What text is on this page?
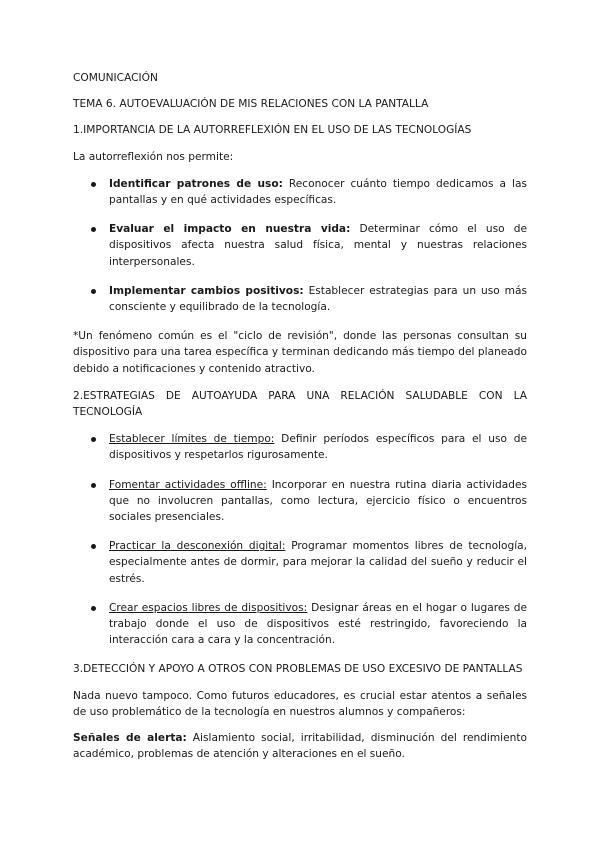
COMUNICACIÓN

TEMA 6. AUTOEVALUACIÓN DE MIS RELACIONES CON LA PANTALLA

1.IMPORTANCIA DE LA AUTORREFLEXIÓN EN EL USO DE LAS TECNOLOGÍAS

La autorreflexión nos permite:

Identificar patrones de uso: Reconocer cuánto tiempo dedicamos a las pantallas y en qué actividades específicas.
Evaluar el impacto en nuestra vida: Determinar cómo el uso de dispositivos afecta nuestra salud física, mental y nuestras relaciones interpersonales.
Implementar cambios positivos: Establecer estrategias para un uso más consciente y equilibrado de la tecnología.

*Un fenómeno común es el "ciclo de revisión", donde las personas consultan su dispositivo para una tarea específica y terminan dedicando más tiempo del planeado debido a notificaciones y contenido atractivo.

2.ESTRATEGIAS DE AUTOAYUDA PARA UNA RELACIÓN SALUDABLE CON LA TECNOLOGÍA

Establecer límites de tiempo: Definir períodos específicos para el uso de dispositivos y respetarlos rigurosamente.
Fomentar actividades offline: Incorporar en nuestra rutina diaria actividades que no involucren pantallas, como lectura, ejercicio físico o encuentros sociales presenciales.
Practicar la desconexión digital: Programar momentos libres de tecnología, especialmente antes de dormir, para mejorar la calidad del sueño y reducir el estrés.
Crear espacios libres de dispositivos: Designar áreas en el hogar o lugares de trabajo donde el uso de dispositivos esté restringido, favoreciendo la interacción cara a cara y la concentración.

3.DETECCIÓN Y APOYO A OTROS CON PROBLEMAS DE USO EXCESIVO DE PANTALLAS

Nada nuevo tampoco. Como futuros educadores, es crucial estar atentos a señales de uso problemático de la tecnología en nuestros alumnos y compañeros:

Señales de alerta: Aislamiento social, irritabilidad, disminución del rendimiento académico, problemas de atención y alteraciones en el sueño.
